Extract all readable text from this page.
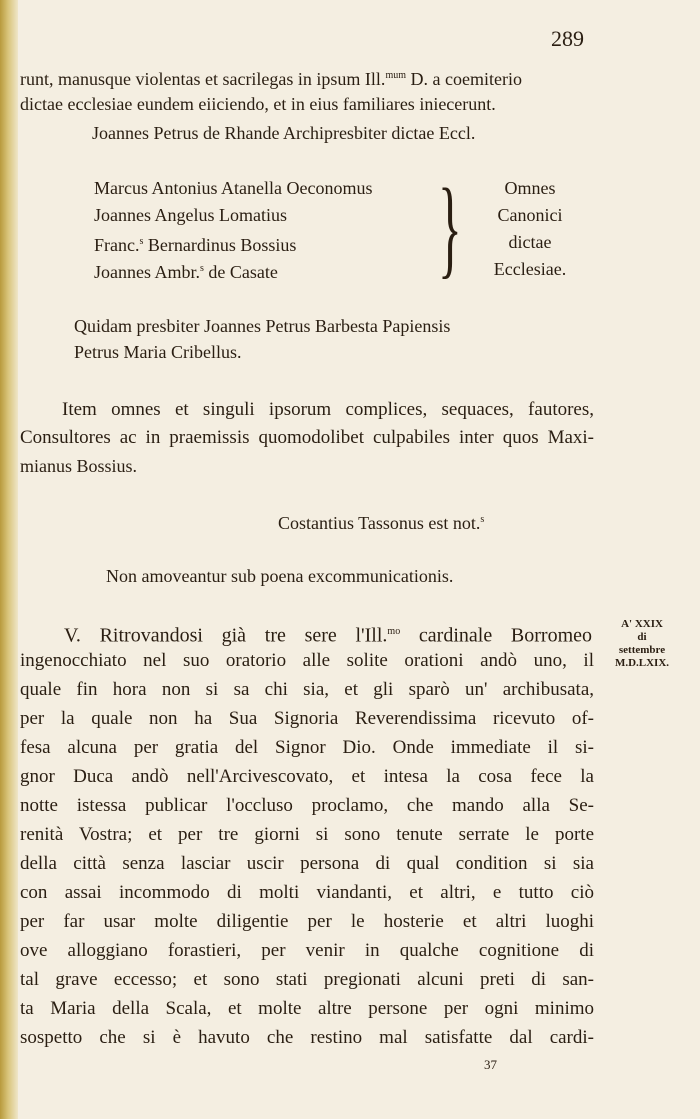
289
runt, manusque violentas et sacrilegas in ipsum Ill.$^{mum}$ D. a coemiterio
dictae ecclesiae eundem eiiciendo, et in eius familiares iniecerunt.
Joannes Petrus de Rhande Archipresbiter dictae Eccl.
Marcus Antonius Atanella Oeconomus
Joannes Angelus Lomatius
Franc.$^s$ Bernardinus Bossius
Joannes Ambr.$^s$ de Casate }	Omnes
Canonici
dictae
Ecclesiae.
Quidam presbiter Joannes Petrus Barbesta Papiensis
Petrus Maria Cribellus.
Item omnes et singuli ipsorum complices, sequaces, fautores,
Consultores ac in praemissis quomodolibet culpabiles inter quos Maxi-
mianus Bossius.
Costantius Tassonus est not.$^s$
Non amoveantur sub poena excommunicationis.
A' XXIX
di
settembre
M.D.LXIX.
V. Ritrovandosi già tre sere l'Ill.$^{mo}$ cardinale Borromeo
ingenocchiato nel suo oratorio alle solite orationi andò uno, il
quale fin hora non si sa chi sia, et gli sparò un' archibusata,
per la quale non ha Sua Signoria Reverendissima ricevuto of-
fesa alcuna per gratia del Signor Dio. Onde immediate il si-
gnor Duca andò nell'Arcivescovato, et intesa la cosa fece la
notte istessa publicar l'occluso proclamo, che mando alla Se-
renità Vostra; et per tre giorni si sono tenute serrate le porte
della città senza lasciar uscir persona di qual condition si sia
con assai incommodo di molti viandanti, et altri, e tutto ciò
per far usar molte diligentie per le hosterie et altri luoghi
ove alloggiano forastieri, per venir in qualche cognitione di
tal grave eccesso; et sono stati pregionati alcuni preti di san-
ta Maria della Scala, et molte altre persone per ogni minimo
sospetto che si è havuto che restino mal satisfatte dal cardi-
37
